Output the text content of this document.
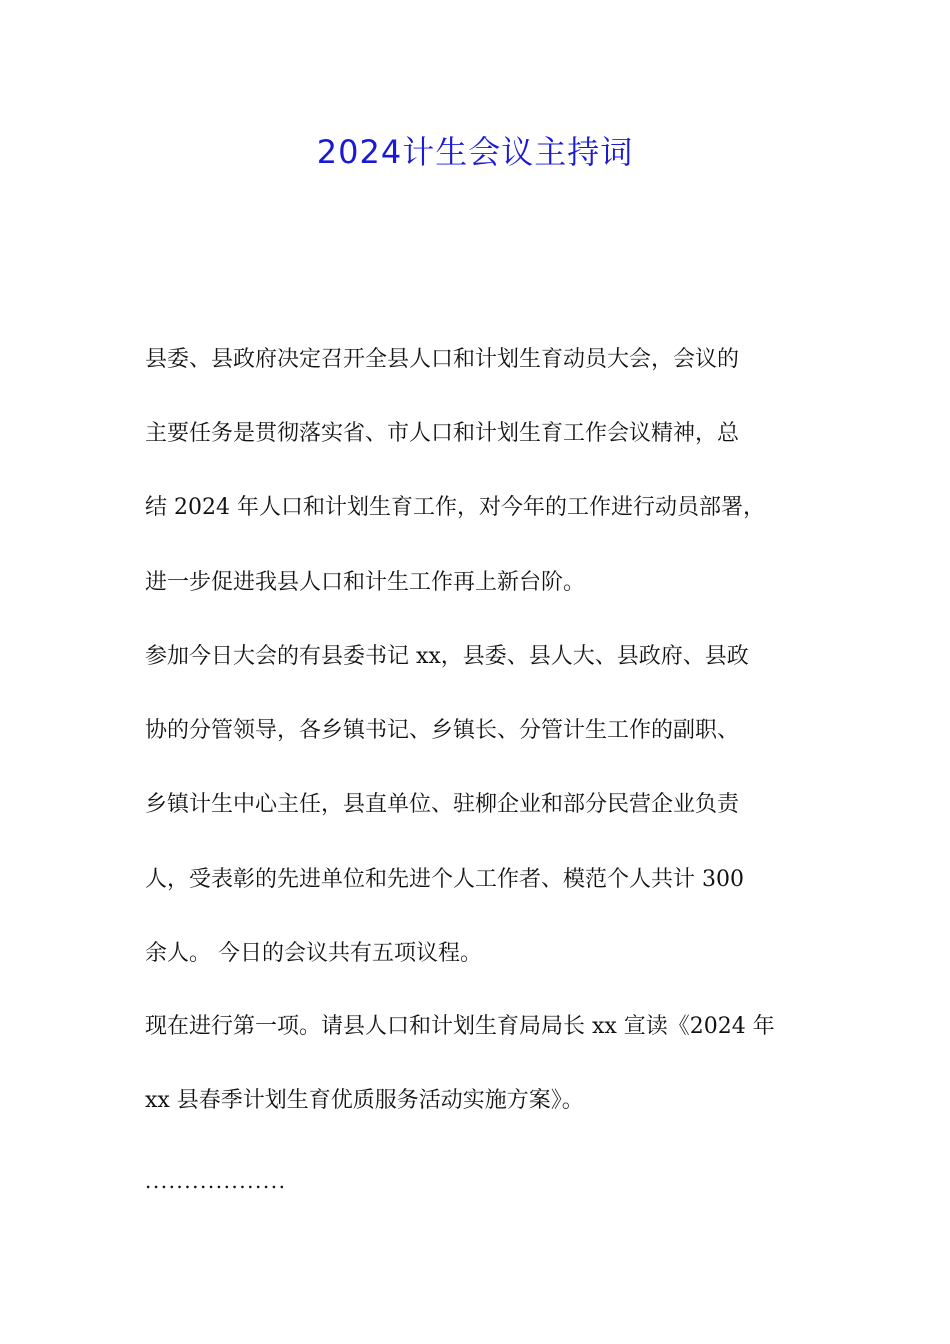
2024计生会议主持词
县委、县政府决定召开全县人口和计划生育动员大会，会议的
主要任务是贯彻落实省、市人口和计划生育工作会议精神，总
结 2024 年人口和计划生育工作，对今年的工作进行动员部署，
进一步促进我县人口和计生工作再上新台阶。
参加今日大会的有县委书记 xx，县委、县人大、县政府、县政
协的分管领导，各乡镇书记、乡镇长、分管计生工作的副职、
乡镇计生中心主任，县直单位、驻柳企业和部分民营企业负责
人，受表彰的先进单位和先进个人工作者、模范个人共计 300
余人。 今日的会议共有五项议程。
现在进行第一项。请县人口和计划生育局局长 xx 宣读《2024 年
xx 县春季计划生育优质服务活动实施方案》。
..................
